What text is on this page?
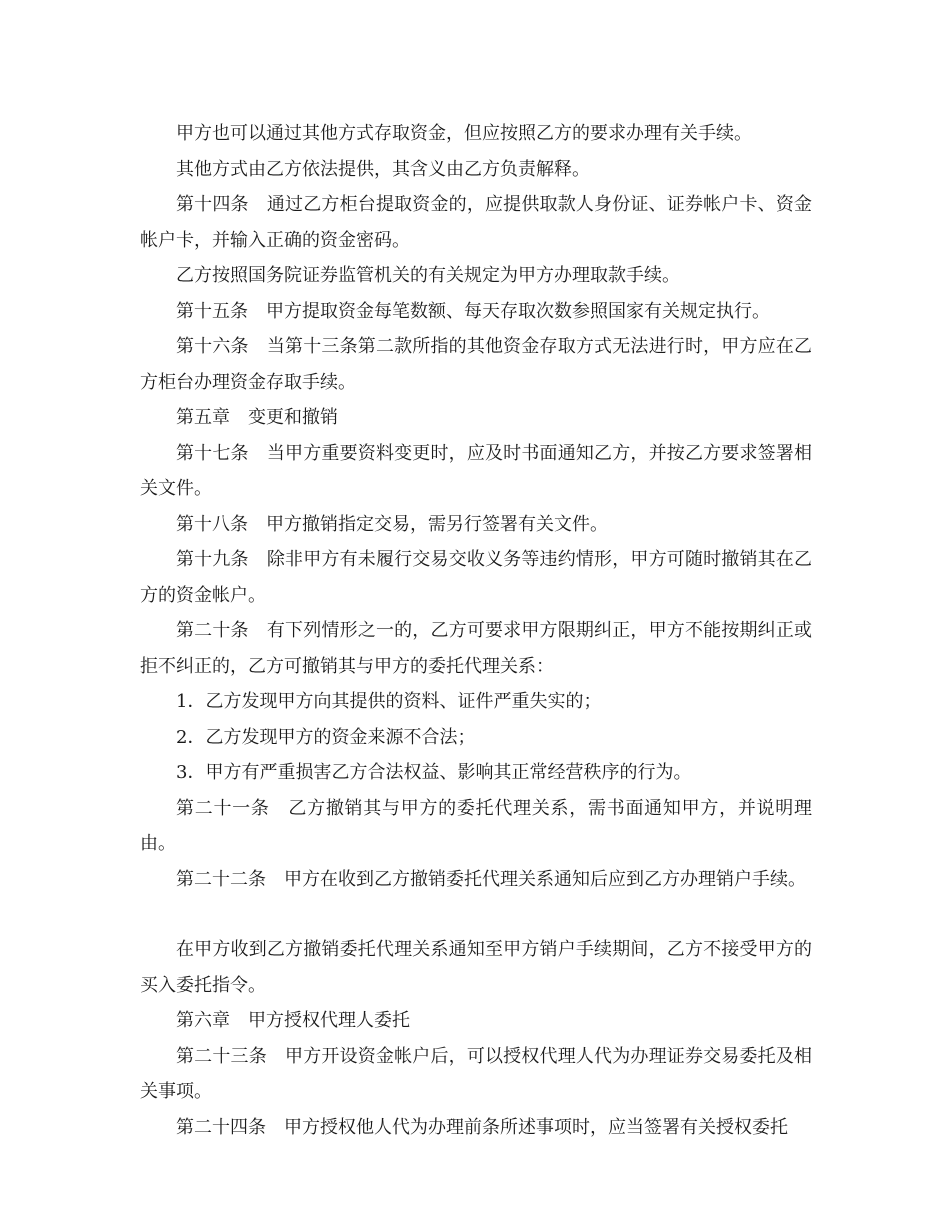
甲方也可以通过其他方式存取资金，但应按照乙方的要求办理有关手续。

其他方式由乙方依法提供，其含义由乙方负责解释。

第十四条　通过乙方柜台提取资金的，应提供取款人身份证、证券帐户卡、资金帐户卡，并输入正确的资金密码。

乙方按照国务院证券监管机关的有关规定为甲方办理取款手续。

第十五条　甲方提取资金每笔数额、每天存取次数参照国家有关规定执行。

第十六条　当第十三条第二款所指的其他资金存取方式无法进行时，甲方应在乙方柜台办理资金存取手续。

第五章　变更和撤销

第十七条　当甲方重要资料变更时，应及时书面通知乙方，并按乙方要求签署相关文件。

第十八条　甲方撤销指定交易，需另行签署有关文件。

第十九条　除非甲方有未履行交易交收义务等违约情形，甲方可随时撤销其在乙方的资金帐户。

第二十条　有下列情形之一的，乙方可要求甲方限期纠正，甲方不能按期纠正或拒不纠正的，乙方可撤销其与甲方的委托代理关系：

1．乙方发现甲方向其提供的资料、证件严重失实的；

2．乙方发现甲方的资金来源不合法；

3．甲方有严重损害乙方合法权益、影响其正常经营秩序的行为。

第二十一条　乙方撤销其与甲方的委托代理关系，需书面通知甲方，并说明理由。

第二十二条　甲方在收到乙方撤销委托代理关系通知后应到乙方办理销户手续。

在甲方收到乙方撤销委托代理关系通知至甲方销户手续期间，乙方不接受甲方的买入委托指令。

第六章　甲方授权代理人委托

第二十三条　甲方开设资金帐户后，可以授权代理人代为办理证券交易委托及相关事项。

第二十四条　甲方授权他人代为办理前条所述事项时，应当签署有关授权委托
